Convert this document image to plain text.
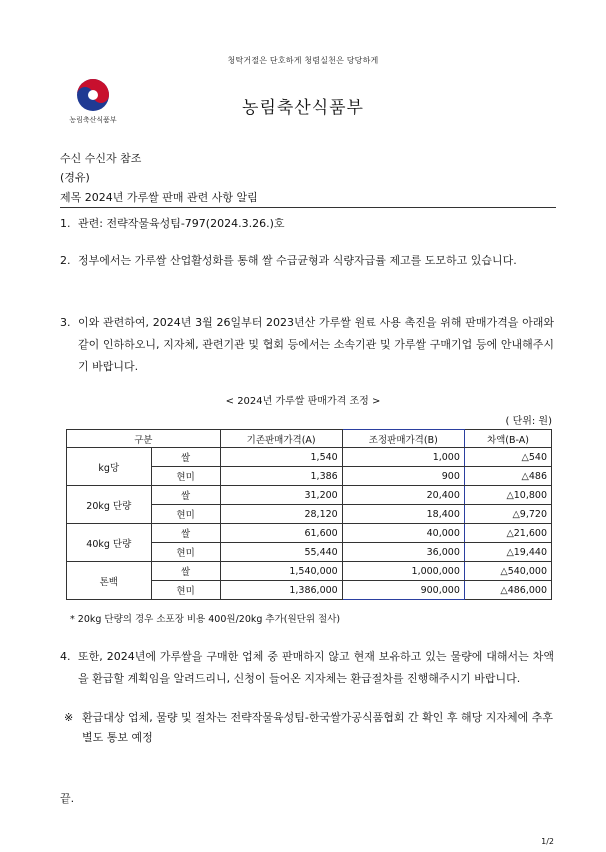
청탁거절은 단호하게 청렴실천은 당당하게
농림축산식품부
농림축산식품부
수신 수신자 참조
(경유)
제목 2024년 가루쌀 판매 관련 사항 알림
1. 관련: 전략작물육성팀-797(2024.3.26.)호
2. 정부에서는 가루쌀 산업활성화를 통해 쌀 수급균형과 식량자급률 제고를 도모하고 있습니다.
3. 이와 관련하여, 2024년 3월 26일부터 2023년산 가루쌀 원료 사용 촉진을 위해 판매가격을 아래와 같이 인하하오니, 지자체, 관련기관 및 협회 등에서는 소속기관 및 가루쌀 구매기업 등에 안내해주시기 바랍니다.
< 2024년 가루쌀 판매가격 조정 >
( 단위: 원)
구분		기존판매가격(A)	조정판매가격(B)	차액(B-A)
kg당	쌀	1,540	1,000	△540
	현미	1,386	900	△486
20kg 단량	쌀	31,200	20,400	△10,800
	현미	28,120	18,400	△9,720
40kg 단량	쌀	61,600	40,000	△21,600
	현미	55,440	36,000	△19,440
톤백	쌀	1,540,000	1,000,000	△540,000
	현미	1,386,000	900,000	△486,000
* 20kg 단량의 경우 소포장 비용 400원/20kg 추가(원단위 절사)
4. 또한, 2024년에 가루쌀을 구매한 업체 중 판매하지 않고 현재 보유하고 있는 물량에 대해서는 차액을 환급할 계획임을 알려드리니, 신청이 들어온 지자체는 환급절차를 진행해주시기 바랍니다.
※ 환급대상 업체, 물량 및 절차는 전략작물육성팀-한국쌀가공식품협회 간 확인 후 해당 지자체에 추후 별도 통보 예정
끝.
1/2
